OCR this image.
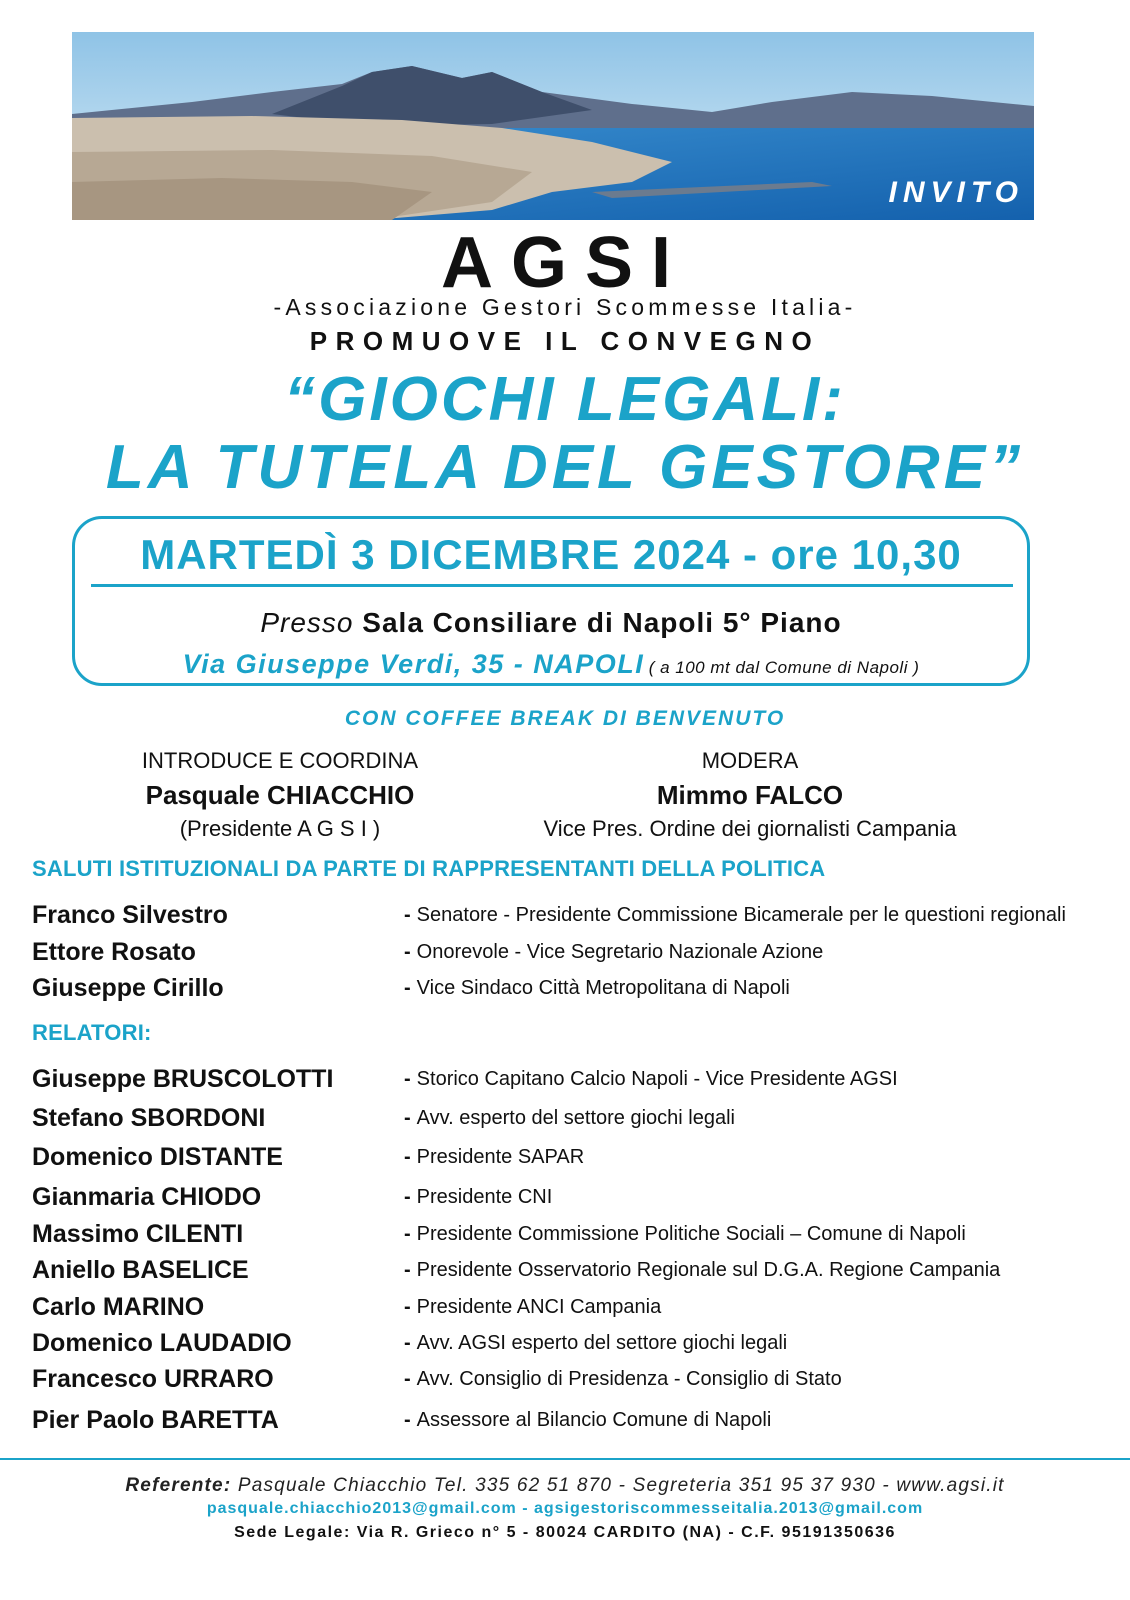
INVITO
AGSI
-Associazione Gestori Scommesse Italia-
PROMUOVE IL CONVEGNO
“GIOCHI LEGALI:
LA TUTELA DEL GESTORE”
MARTEDÌ 3 DICEMBRE 2024 - ore 10,30
Presso Sala Consiliare di Napoli 5° Piano
Via Giuseppe Verdi, 35 - NAPOLI ( a 100 mt dal Comune di Napoli )
CON COFFEE BREAK DI BENVENUTO
INTRODUCE E COORDINA
Pasquale CHIACCHIO
(Presidente A G S I )
MODERA
Mimmo FALCO
Vice Pres. Ordine dei giornalisti Campania
SALUTI ISTITUZIONALI DA PARTE DI RAPPRESENTANTI DELLA POLITICA
Franco Silvestro	- Senatore - Presidente Commissione Bicamerale per le questioni regionali
Ettore Rosato	- Onorevole - Vice Segretario Nazionale Azione
Giuseppe Cirillo	- Vice Sindaco Città Metropolitana di Napoli
RELATORI:
Giuseppe BRUSCOLOTTI	- Storico Capitano Calcio Napoli - Vice Presidente AGSI
Stefano SBORDONI	- Avv. esperto del settore giochi legali
Domenico DISTANTE	- Presidente SAPAR
Gianmaria CHIODO	- Presidente CNI
Massimo CILENTI	- Presidente Commissione Politiche Sociali – Comune di Napoli
Aniello BASELICE	- Presidente Osservatorio Regionale sul D.G.A. Regione Campania
Carlo MARINO	- Presidente ANCI Campania
Domenico LAUDADIO	- Avv. AGSI esperto del settore giochi legali
Francesco URRARO	- Avv. Consiglio di Presidenza - Consiglio di Stato
Pier Paolo BARETTA	- Assessore al Bilancio Comune di Napoli
Referente: Pasquale Chiacchio Tel. 335 62 51 870 - Segreteria 351 95 37 930 - www.agsi.it
pasquale.chiacchio2013@gmail.com - agsigestoriscommesseitalia.2013@gmail.com
Sede Legale: Via R. Grieco n° 5 - 80024 CARDITO (NA) - C.F. 95191350636
